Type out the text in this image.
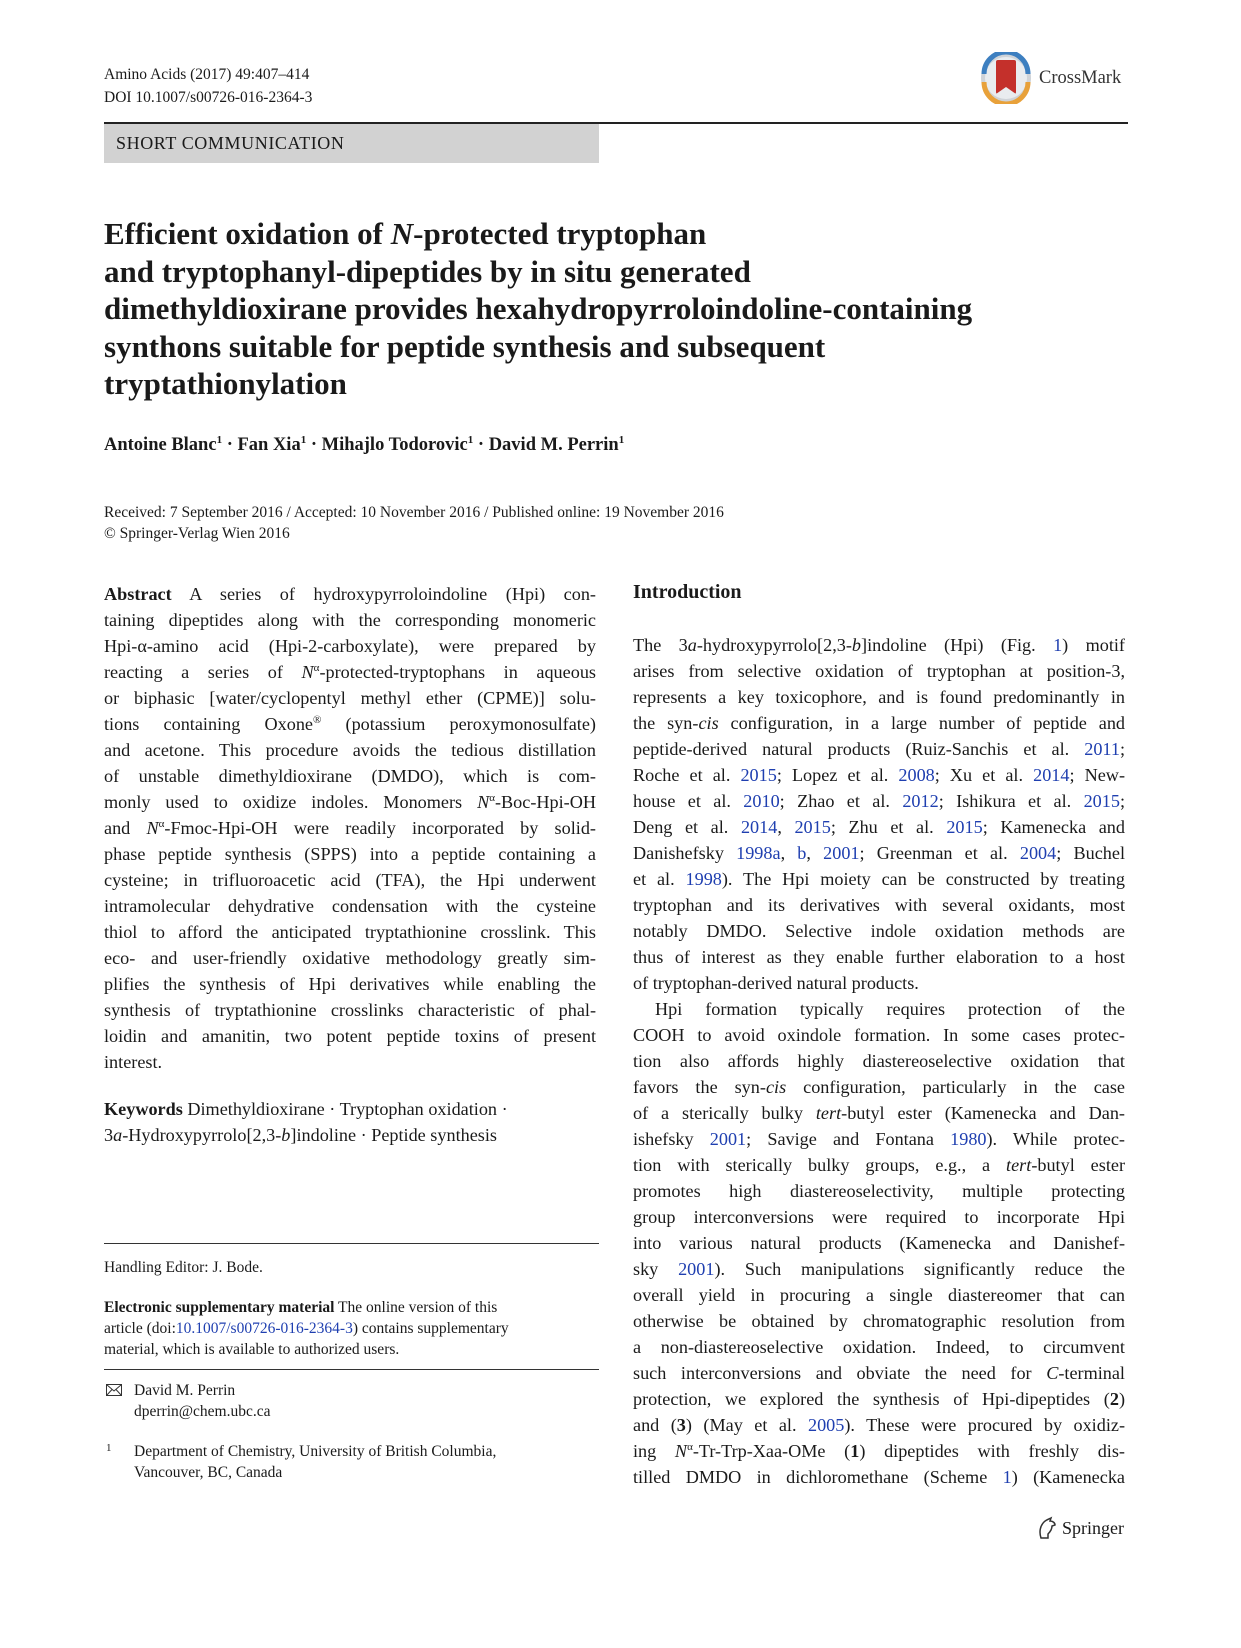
Amino Acids (2017) 49:407–414
DOI 10.1007/s00726-016-2364-3
CrossMark
SHORT COMMUNICATION
Efficient oxidation of N-protected tryptophan
and tryptophanyl-dipeptides by in situ generated
dimethyldioxirane provides hexahydropyrroloindoline-containing
synthons suitable for peptide synthesis and subsequent
tryptathionylation
Antoine Blanc$^1$ · Fan Xia$^1$ · Mihajlo Todorovic$^1$ · David M. Perrin$^1$
Received: 7 September 2016 / Accepted: 10 November 2016 / Published online: 19 November 2016
© Springer-Verlag Wien 2016
Abstract A series of hydroxypyrroloindoline (Hpi) con-
taining dipeptides along with the corresponding monomeric
Hpi-α-amino acid (Hpi-2-carboxylate), were prepared by
reacting a series of $N^\alpha-protected$-tryptophans in aqueous
or biphasic [water/cyclopentyl methyl ether (CPME)] solu-
tions containing Oxone® (potassium peroxymonosulfate)
and acetone. This procedure avoids the tedious distillation
of unstable dimethyldioxirane (DMDO), which is com-
monly used to oxidize indoles. Monomers $N^\alpha-Boc-Hpi-OH$
and $N^\alpha-Fmoc-Hpi-OH$ were readily incorporated by solid-
phase peptide synthesis (SPPS) into a peptide containing a
cysteine; in trifluoroacetic acid (TFA), the Hpi underwent
intramolecular dehydrative condensation with the cysteine
thiol to afford the anticipated tryptathionine crosslink. This
eco- and user-friendly oxidative methodology greatly sim-
plifies the synthesis of Hpi derivatives while enabling the
synthesis of tryptathionine crosslinks characteristic of phal-
loidin and amanitin, two potent peptide toxins of present
interest.
Keywords Dimethyldioxirane · Tryptophan oxidation ·
3a-Hydroxypyrrolo[2,3-b]indoline · Peptide synthesis
Introduction
The 3a-hydroxypyrrolo[2,3-b]indoline (Hpi) (Fig. 1) motif
arises from selective oxidation of tryptophan at position-3,
represents a key toxicophore, and is found predominantly in
the syn-cis configuration, in a large number of peptide and
peptide-derived natural products (Ruiz-Sanchis et al. 2011;
Roche et al. 2015; Lopez et al. 2008; Xu et al. 2014; New-
house et al. 2010; Zhao et al. 2012; Ishikura et al. 2015;
Deng et al. 2014, 2015; Zhu et al. 2015; Kamenecka and
Danishefsky 1998a, b, 2001; Greenman et al. 2004; Buchel
et al. 1998). The Hpi moiety can be constructed by treating
tryptophan and its derivatives with several oxidants, most
notably DMDO. Selective indole oxidation methods are
thus of interest as they enable further elaboration to a host
of tryptophan-derived natural products.
Hpi formation typically requires protection of the
COOH to avoid oxindole formation. In some cases protec-
tion also affords highly diastereoselective oxidation that
favors the syn-cis configuration, particularly in the case
of a sterically bulky tert-butyl ester (Kamenecka and Dan-
ishefsky 2001; Savige and Fontana 1980). While protec-
tion with sterically bulky groups, e.g., a tert-butyl ester
promotes high diastereoselectivity, multiple protecting
group interconversions were required to incorporate Hpi
into various natural products (Kamenecka and Danishef-
sky 2001). Such manipulations significantly reduce the
overall yield in procuring a single diastereomer that can
otherwise be obtained by chromatographic resolution from
a non-diastereoselective oxidation. Indeed, to circumvent
such interconversions and obviate the need for C-terminal
protection, we explored the synthesis of Hpi-dipeptides (2)
and (3) (May et al. 2005). These were procured by oxidiz-
ing $N^\alpha-Tr-Trp-Xaa$-OMe (1) dipeptides with freshly dis-
tilled DMDO in dichloromethane (Scheme 1) (Kamenecka
Handling Editor: J. Bode.
Electronic supplementary material The online version of this
article (doi:10.1007/s00726-016-2364-3) contains supplementary
material, which is available to authorized users.
David M. Perrin
dperrin@chem.ubc.ca
1 Department of Chemistry, University of British Columbia,
Vancouver, BC, Canada
Springer
